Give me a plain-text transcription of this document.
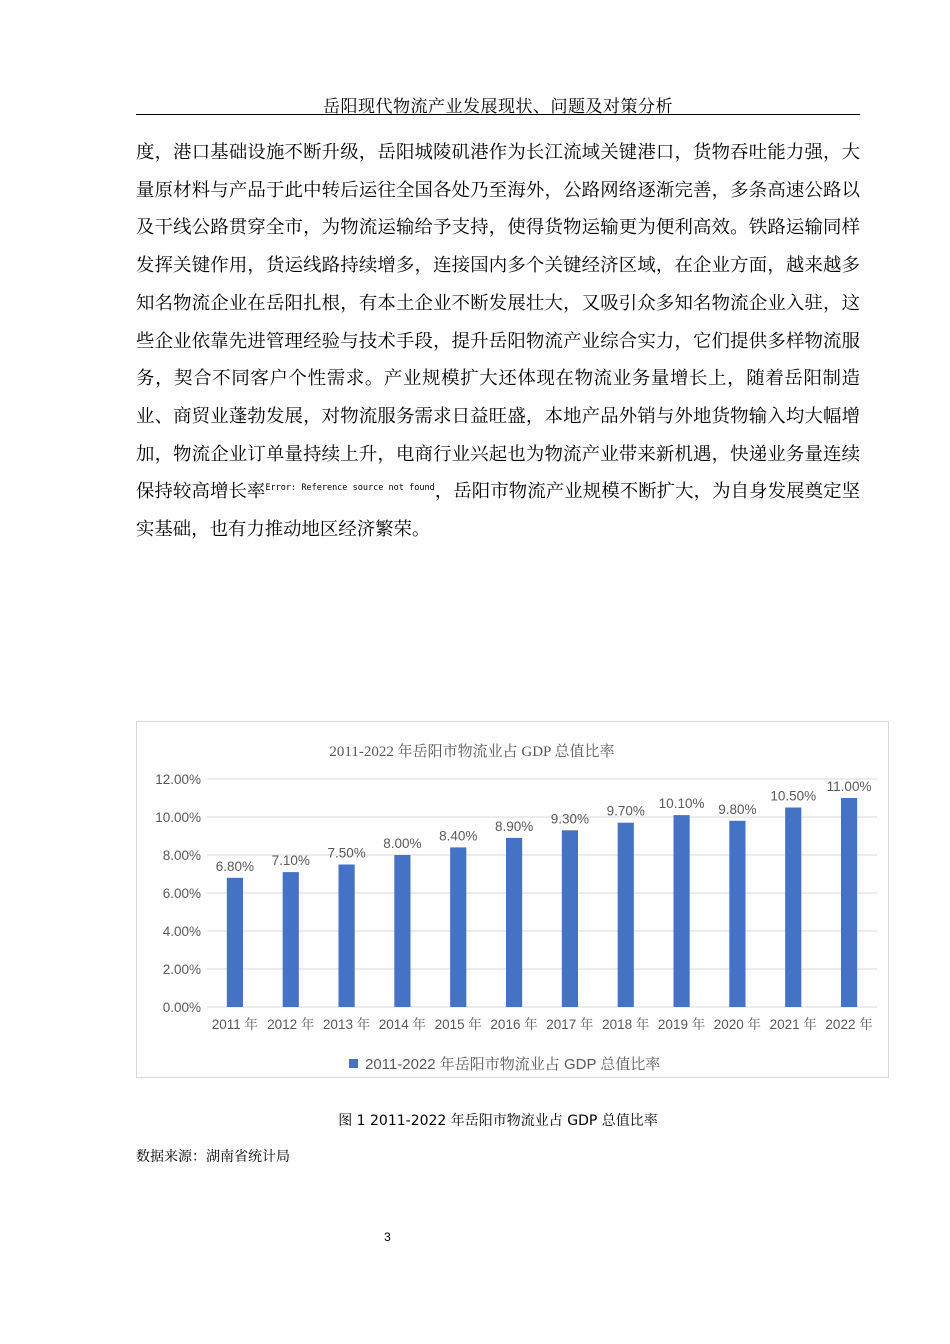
岳阳现代物流产业发展现状、问题及对策分析

度，港口基础设施不断升级，岳阳城陵矶港作为长江流域关键港口，货物吞吐能力强，大量原材料与产品于此中转后运往全国各处乃至海外，公路网络逐渐完善，多条高速公路以及干线公路贯穿全市，为物流运输给予支持，使得货物运输更为便利高效。铁路运输同样发挥关键作用，货运线路持续增多，连接国内多个关键经济区域，在企业方面，越来越多知名物流企业在岳阳扎根，有本土企业不断发展壮大，又吸引众多知名物流企业入驻，这些企业依靠先进管理经验与技术手段，提升岳阳物流产业综合实力，它们提供多样物流服务，契合不同客户个性需求。产业规模扩大还体现在物流业务量增长上，随着岳阳制造业、商贸业蓬勃发展，对物流服务需求日益旺盛，本地产品外销与外地货物输入均大幅增加，物流企业订单量持续上升，电商行业兴起也为物流产业带来新机遇，快递业务量连续保持较高增长率$^{Error: Reference source not found}$，岳阳市物流产业规模不断扩大，为自身发展奠定坚实基础，也有力推动地区经济繁荣。

2011-2022 年岳阳市物流业占 GDP 总值比率
0.00%
2.00%
4.00%
6.00%
8.00%
10.00%
12.00%
6.80%
2011 年
7.10%
2012 年
7.50%
2013 年
8.00%
2014 年
8.40%
2015 年
8.90%
2016 年
9.30%
2017 年
9.70%
2018 年
10.10%
2019 年
9.80%
2020 年
10.50%
2021 年
11.00%
2022 年
2011-2022 年岳阳市物流业占 GDP 总值比率
图 1 2011-2022 年岳阳市物流业占 GDP 总值比率
数据来源：湖南省统计局
3
